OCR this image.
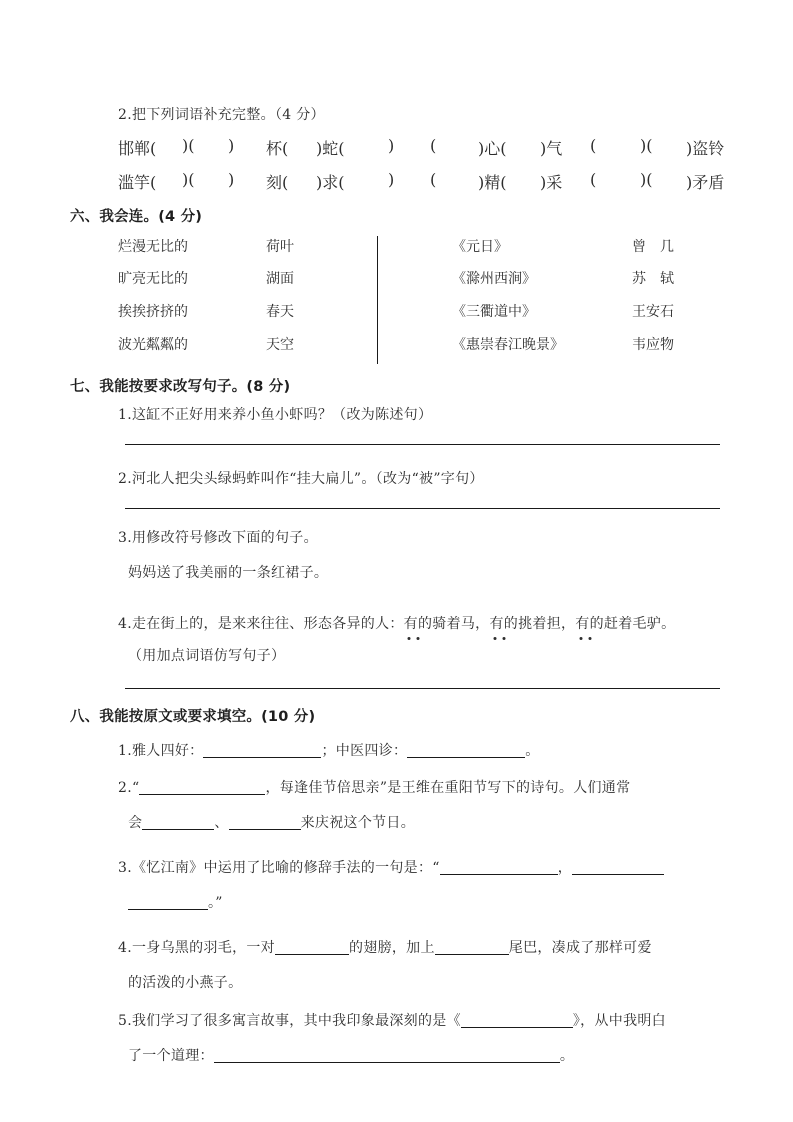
2.把下列词语补充完整。（4 分）
邯郸( )( ) 杯( )蛇(	) (	)心( )气 (	)( )盗铃
滥竽( )( ) 刻( )求(	) (	)精( )采 (	)( )矛盾
六、我会连。(4 分)
烂漫无比的	荷叶	《元日》	曾　几
旷亮无比的	湖面	《滁州西涧》	苏　轼
挨挨挤挤的	春天	《三衢道中》	王安石
波光粼粼的	天空	《惠崇春江晚景》	韦应物
七、我能按要求改写句子。(8 分)
1.这缸不正好用来养小鱼小虾吗？（改为陈述句）
2.河北人把尖头绿蚂蚱叫作“挂大扁儿”。（改为“被”字句）
3.用修改符号修改下面的句子。
妈妈送了我美丽的一条红裙子。
4.走在街上的，是来来往往、形态各异的人：有的骑着马，有的挑着担，有的赶着毛驴。
（用加点词语仿写句子）
八、我能按原文或要求填空。(10 分)
1.雅人四好：	；中医四诊：	。
2.“	，每逢佳节倍思亲”是王维在重阳节写下的诗句。人们通常
会	、	来庆祝这个节日。
3.《忆江南》中运用了比喻的修辞手法的一句是：“	，
。”
4.一身乌黑的羽毛，一对	的翅膀，加上	尾巴，凑成了那样可爱
的活泼的小燕子。
5.我们学习了很多寓言故事，其中我印象最深刻的是《	》，从中我明白
了一个道理：	。
